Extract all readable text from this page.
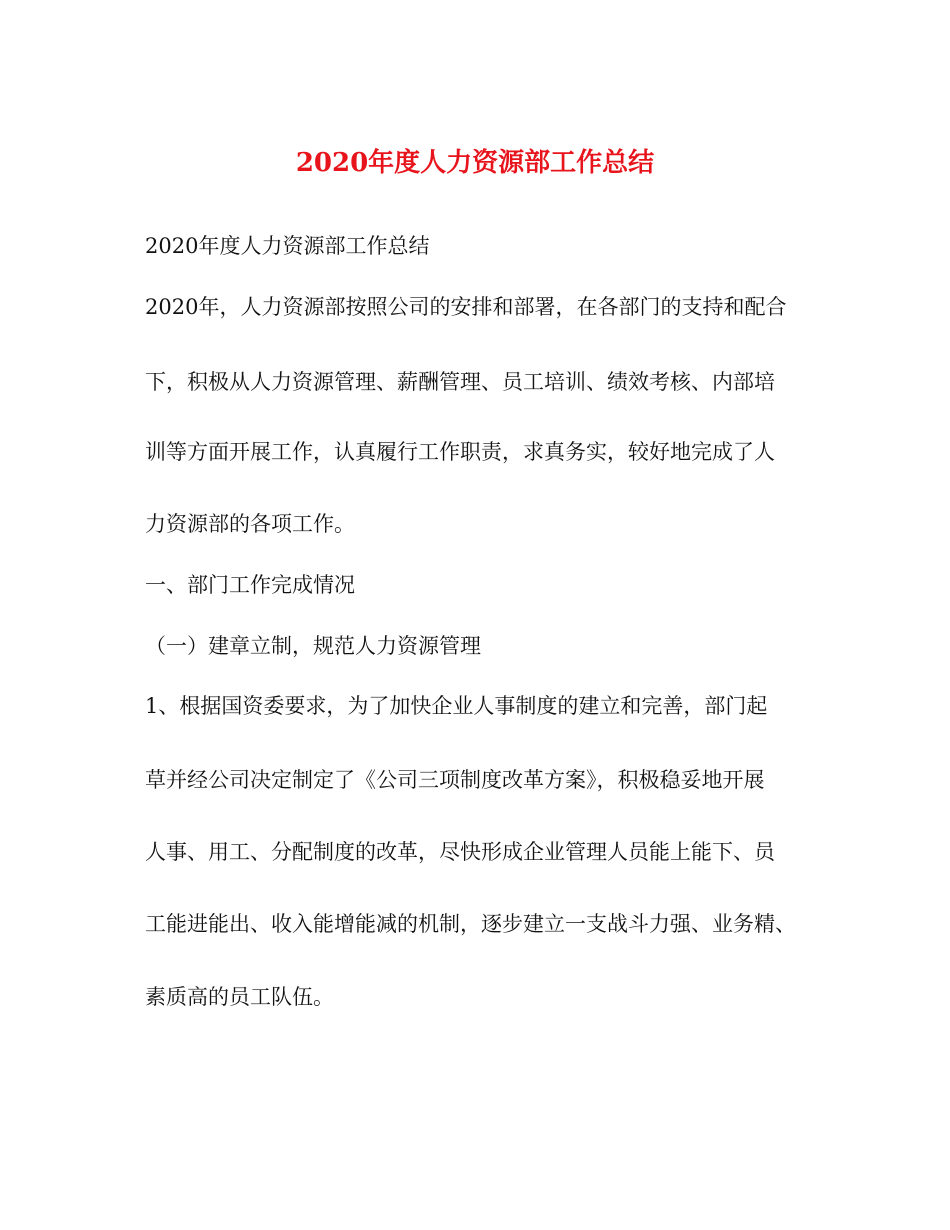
2020年度人力资源部工作总结
2020年度人力资源部工作总结
2020年，人力资源部按照公司的安排和部署，在各部门的支持和配合
下，积极从人力资源管理、薪酬管理、员工培训、绩效考核、内部培
训等方面开展工作，认真履行工作职责，求真务实，较好地完成了人
力资源部的各项工作。
一、部门工作完成情况
（一）建章立制，规范人力资源管理
1、根据国资委要求，为了加快企业人事制度的建立和完善，部门起
草并经公司决定制定了《公司三项制度改革方案》，积极稳妥地开展
人事、用工、分配制度的改革，尽快形成企业管理人员能上能下、员
工能进能出、收入能增能减的机制，逐步建立一支战斗力强、业务精、
素质高的员工队伍。
